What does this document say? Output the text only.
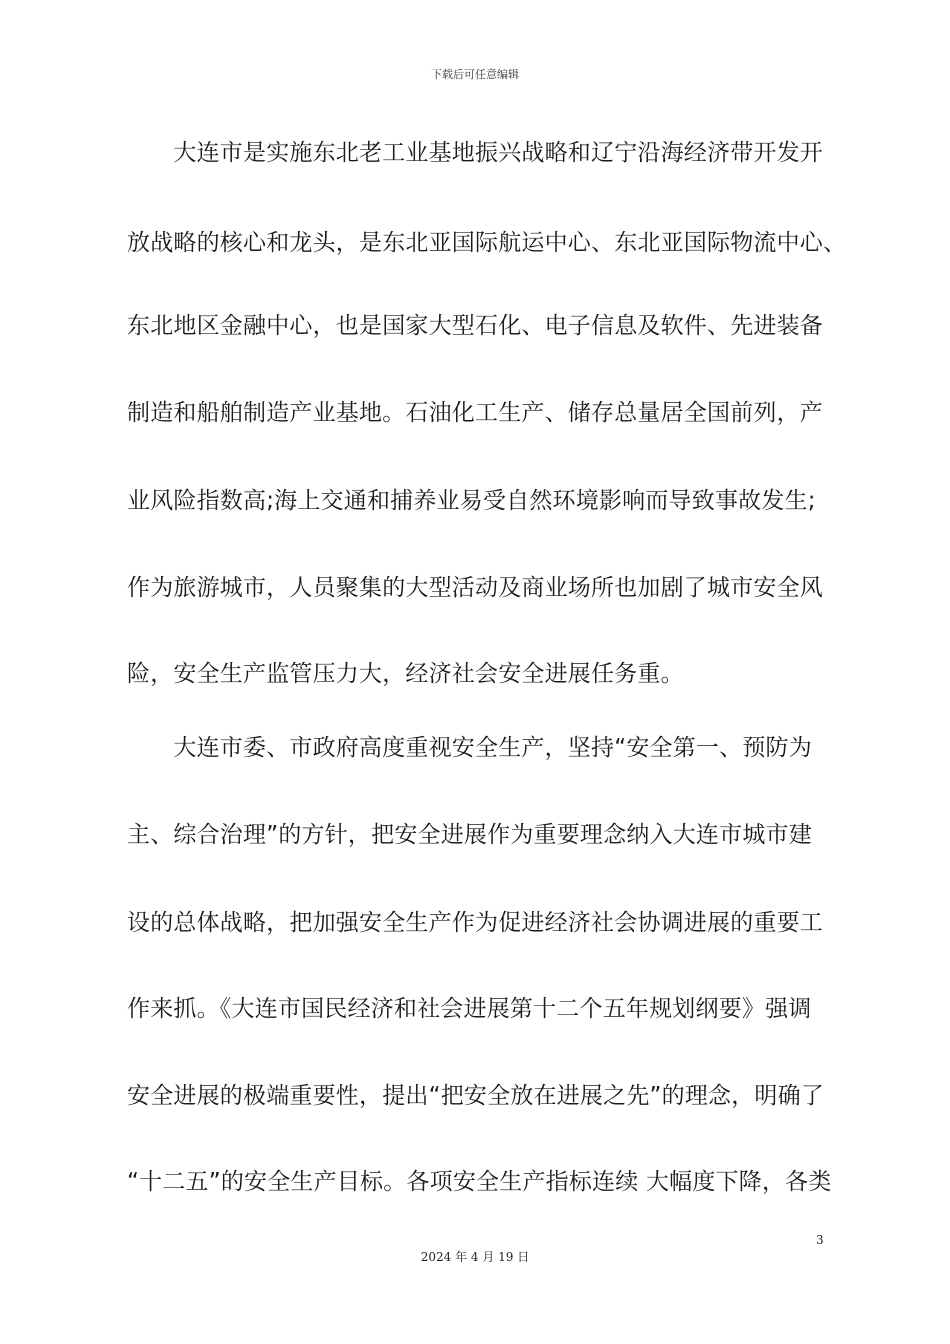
下载后可任意编辑
　　大连市是实施东北老工业基地振兴战略和辽宁沿海经济带开发开
放战略的核心和龙头，是东北亚国际航运中心、东北亚国际物流中心、
东北地区金融中心，也是国家大型石化、电子信息及软件、先进装备
制造和船舶制造产业基地。石油化工生产、储存总量居全国前列，产
业风险指数高;海上交通和捕养业易受自然环境影响而导致事故发生;
作为旅游城市，人员聚集的大型活动及商业场所也加剧了城市安全风
险，安全生产监管压力大，经济社会安全进展任务重。
　　大连市委、市政府高度重视安全生产，坚持“安全第一、预防为
主、综合治理”的方针，把安全进展作为重要理念纳入大连市城市建
设的总体战略，把加强安全生产作为促进经济社会协调进展的重要工
作来抓。《大连市国民经济和社会进展第十二个五年规划纲要》强调
安全进展的极端重要性，提出“把安全放在进展之先”的理念，明确了
“十二五”的安全生产目标。各项安全生产指标连续 大幅度下降，各类
3
2024 年 4 月 19 日
